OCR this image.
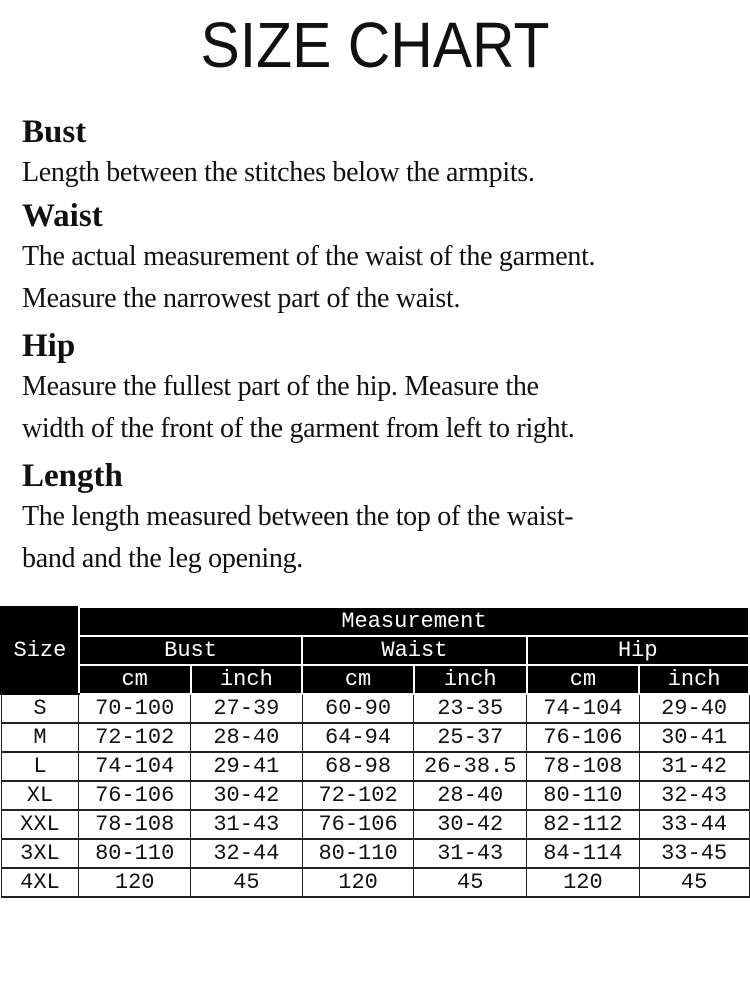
SIZE CHART
Bust
Length between the stitches below the armpits.
Waist
The actual measurement of the waist of the garment.
Measure the narrowest part of the waist.
Hip
Measure the fullest part of the hip. Measure the
width of the front of the garment from left to right.
Length
The length measured between the top of the waist-
band and the leg opening.
Size	Measurement					
	Bust		Waist		Hip	
	cm	inch	cm	inch	cm	inch
S	70-100	27-39	60-90	23-35	74-104	29-40
M	72-102	28-40	64-94	25-37	76-106	30-41
L	74-104	29-41	68-98	26-38.5	78-108	31-42
XL	76-106	30-42	72-102	28-40	80-110	32-43
XXL	78-108	31-43	76-106	30-42	82-112	33-44
3XL	80-110	32-44	80-110	31-43	84-114	33-45
4XL	120	45	120	45	120	45
